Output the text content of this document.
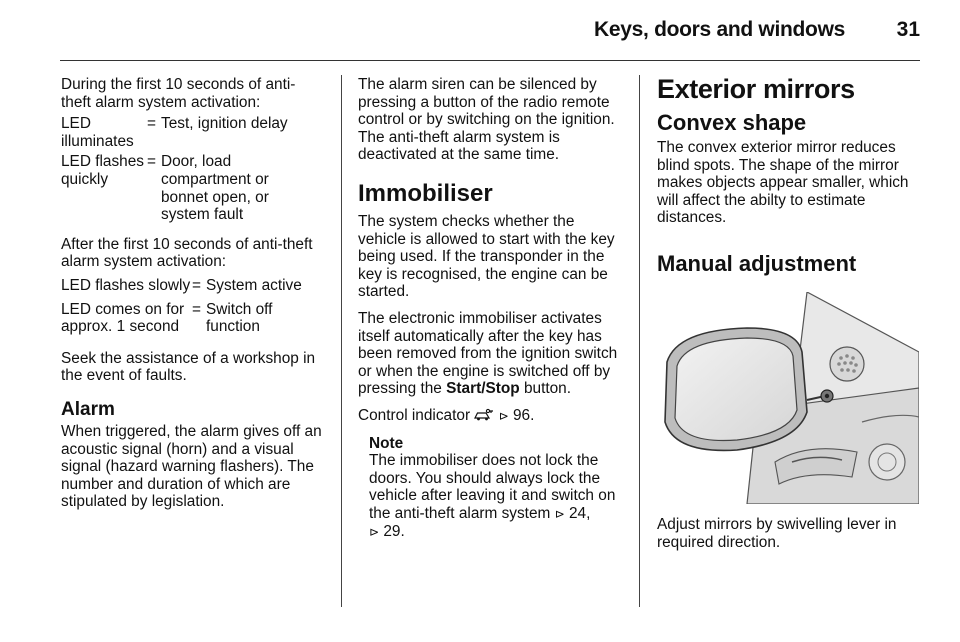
Keys, doors and windows	31

During the first 10 seconds of anti-theft alarm system activation:

LED illuminates
= Test, ignition delay
LED flashes quickly
= Door, load compartment or bonnet open, or system fault

After the first 10 seconds of anti-theft alarm system activation:

LED flashes slowly = System active
LED comes on for approx. 1 second
= Switch off function

Seek the assistance of a workshop in the event of faults.

Alarm

When triggered, the alarm gives off an acoustic signal (horn) and a visual signal (hazard warning flashers). The number and duration of which are stipulated by legislation.

The alarm siren can be silenced by pressing a button of the radio remote control or by switching on the ignition. The anti-theft alarm system is deactivated at the same time.

Immobiliser

The system checks whether the vehicle is allowed to start with the key being used. If the transponder in the key is recognised, the engine can be started.

The electronic immobiliser activates itself automatically after the key has been removed from the ignition switch or when the engine is switched off by pressing the Start/Stop button.

Control indicator ⊳ 96.

Note
The immobiliser does not lock the doors. You should always lock the vehicle after leaving it and switch on the anti-theft alarm system ⊳ 24,
⊳ 29.
Exterior mirrors
Convex shape

The convex exterior mirror reduces blind spots. The shape of the mirror makes objects appear smaller, which will affect the abilty to estimate distances.

Manual adjustment

Adjust mirrors by swivelling lever in required direction.
